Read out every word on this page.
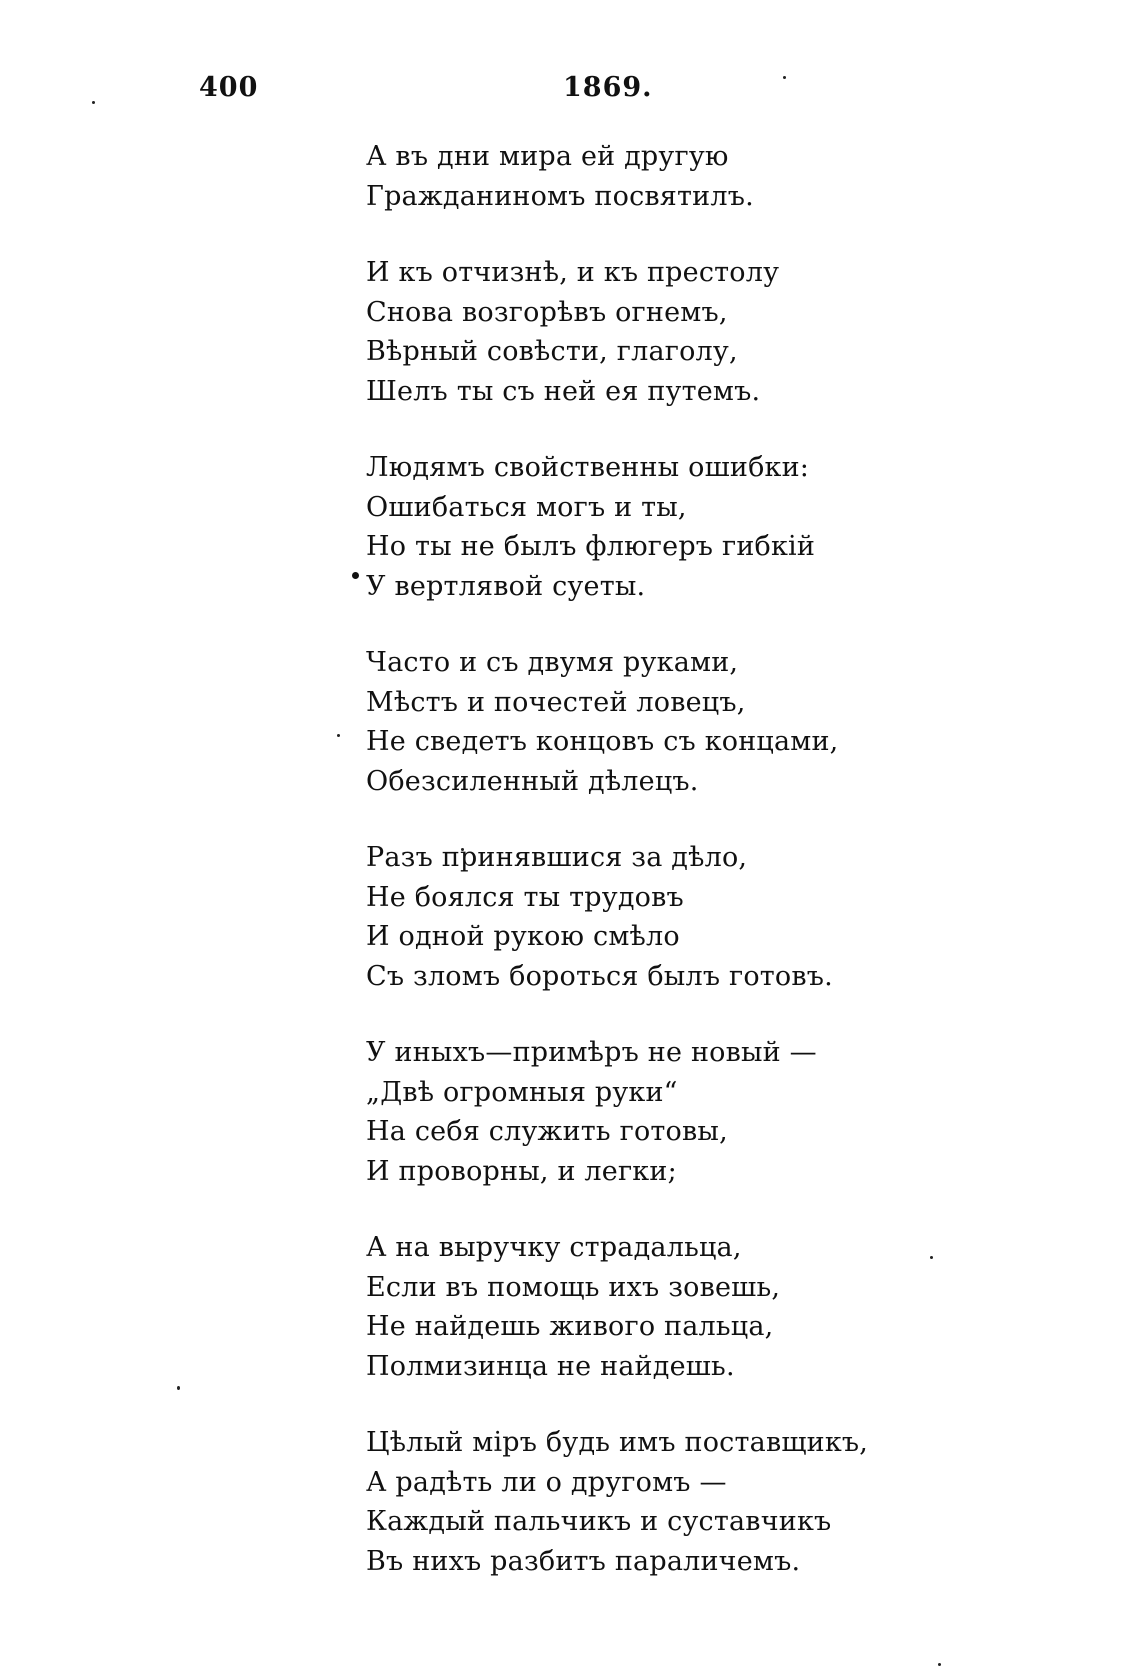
400	1869.
А въ дни мира ей другую
Гражданиномъ посвятилъ.
И къ отчизнѣ, и къ престолу
Снова возгорѣвъ огнемъ,
Вѣрный совѣсти, глаголу,
Шелъ ты съ ней ея путемъ.
Людямъ свойственны ошибки:
Ошибаться могъ и ты,
Но ты не былъ флюгеръ гибкій
У вертлявой суеты.
Часто и съ двумя руками,
Мѣстъ и почестей ловецъ,
Не сведетъ концовъ съ концами,
Обезсиленный дѣлецъ.
Разъ принявшися за дѣло,
Не боялся ты трудовъ
И одной рукою смѣло
Съ зломъ бороться былъ готовъ.
У иныхъ—примѣръ не новый —
„Двѣ огромныя руки“
На себя служить готовы,
И проворны, и легки;
А на выручку страдальца,
Если въ помощь ихъ зовешь,
Не найдешь живого пальца,
Полмизинца не найдешь.
Цѣлый міръ будь имъ поставщикъ,
А радѣть ли о другомъ —
Каждый пальчикъ и суставчикъ
Въ нихъ разбитъ параличемъ.
